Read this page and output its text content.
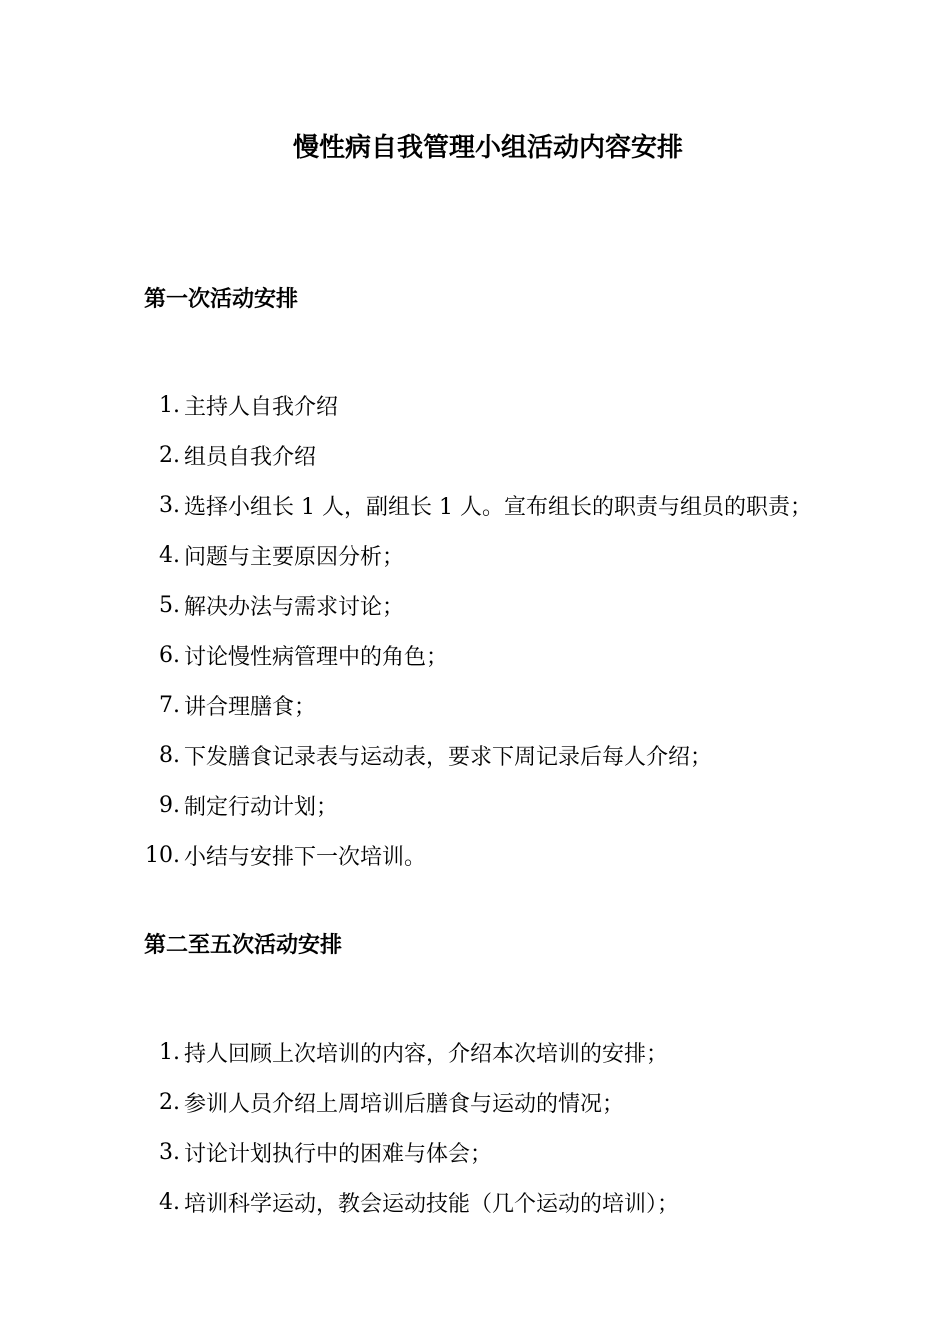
慢性病自我管理小组活动内容安排
第一次活动安排
1. 主持人自我介绍
2. 组员自我介绍
3. 选择小组长 1 人，副组长 1 人。宣布组长的职责与组员的职责；
4. 问题与主要原因分析；
5. 解决办法与需求讨论；
6. 讨论慢性病管理中的角色；
7. 讲合理膳食；
8. 下发膳食记录表与运动表，要求下周记录后每人介绍；
9. 制定行动计划；
10. 小结与安排下一次培训。
第二至五次活动安排
1. 持人回顾上次培训的内容，介绍本次培训的安排；
2. 参训人员介绍上周培训后膳食与运动的情况；
3. 讨论计划执行中的困难与体会；
4. 培训科学运动，教会运动技能（几个运动的培训）；
